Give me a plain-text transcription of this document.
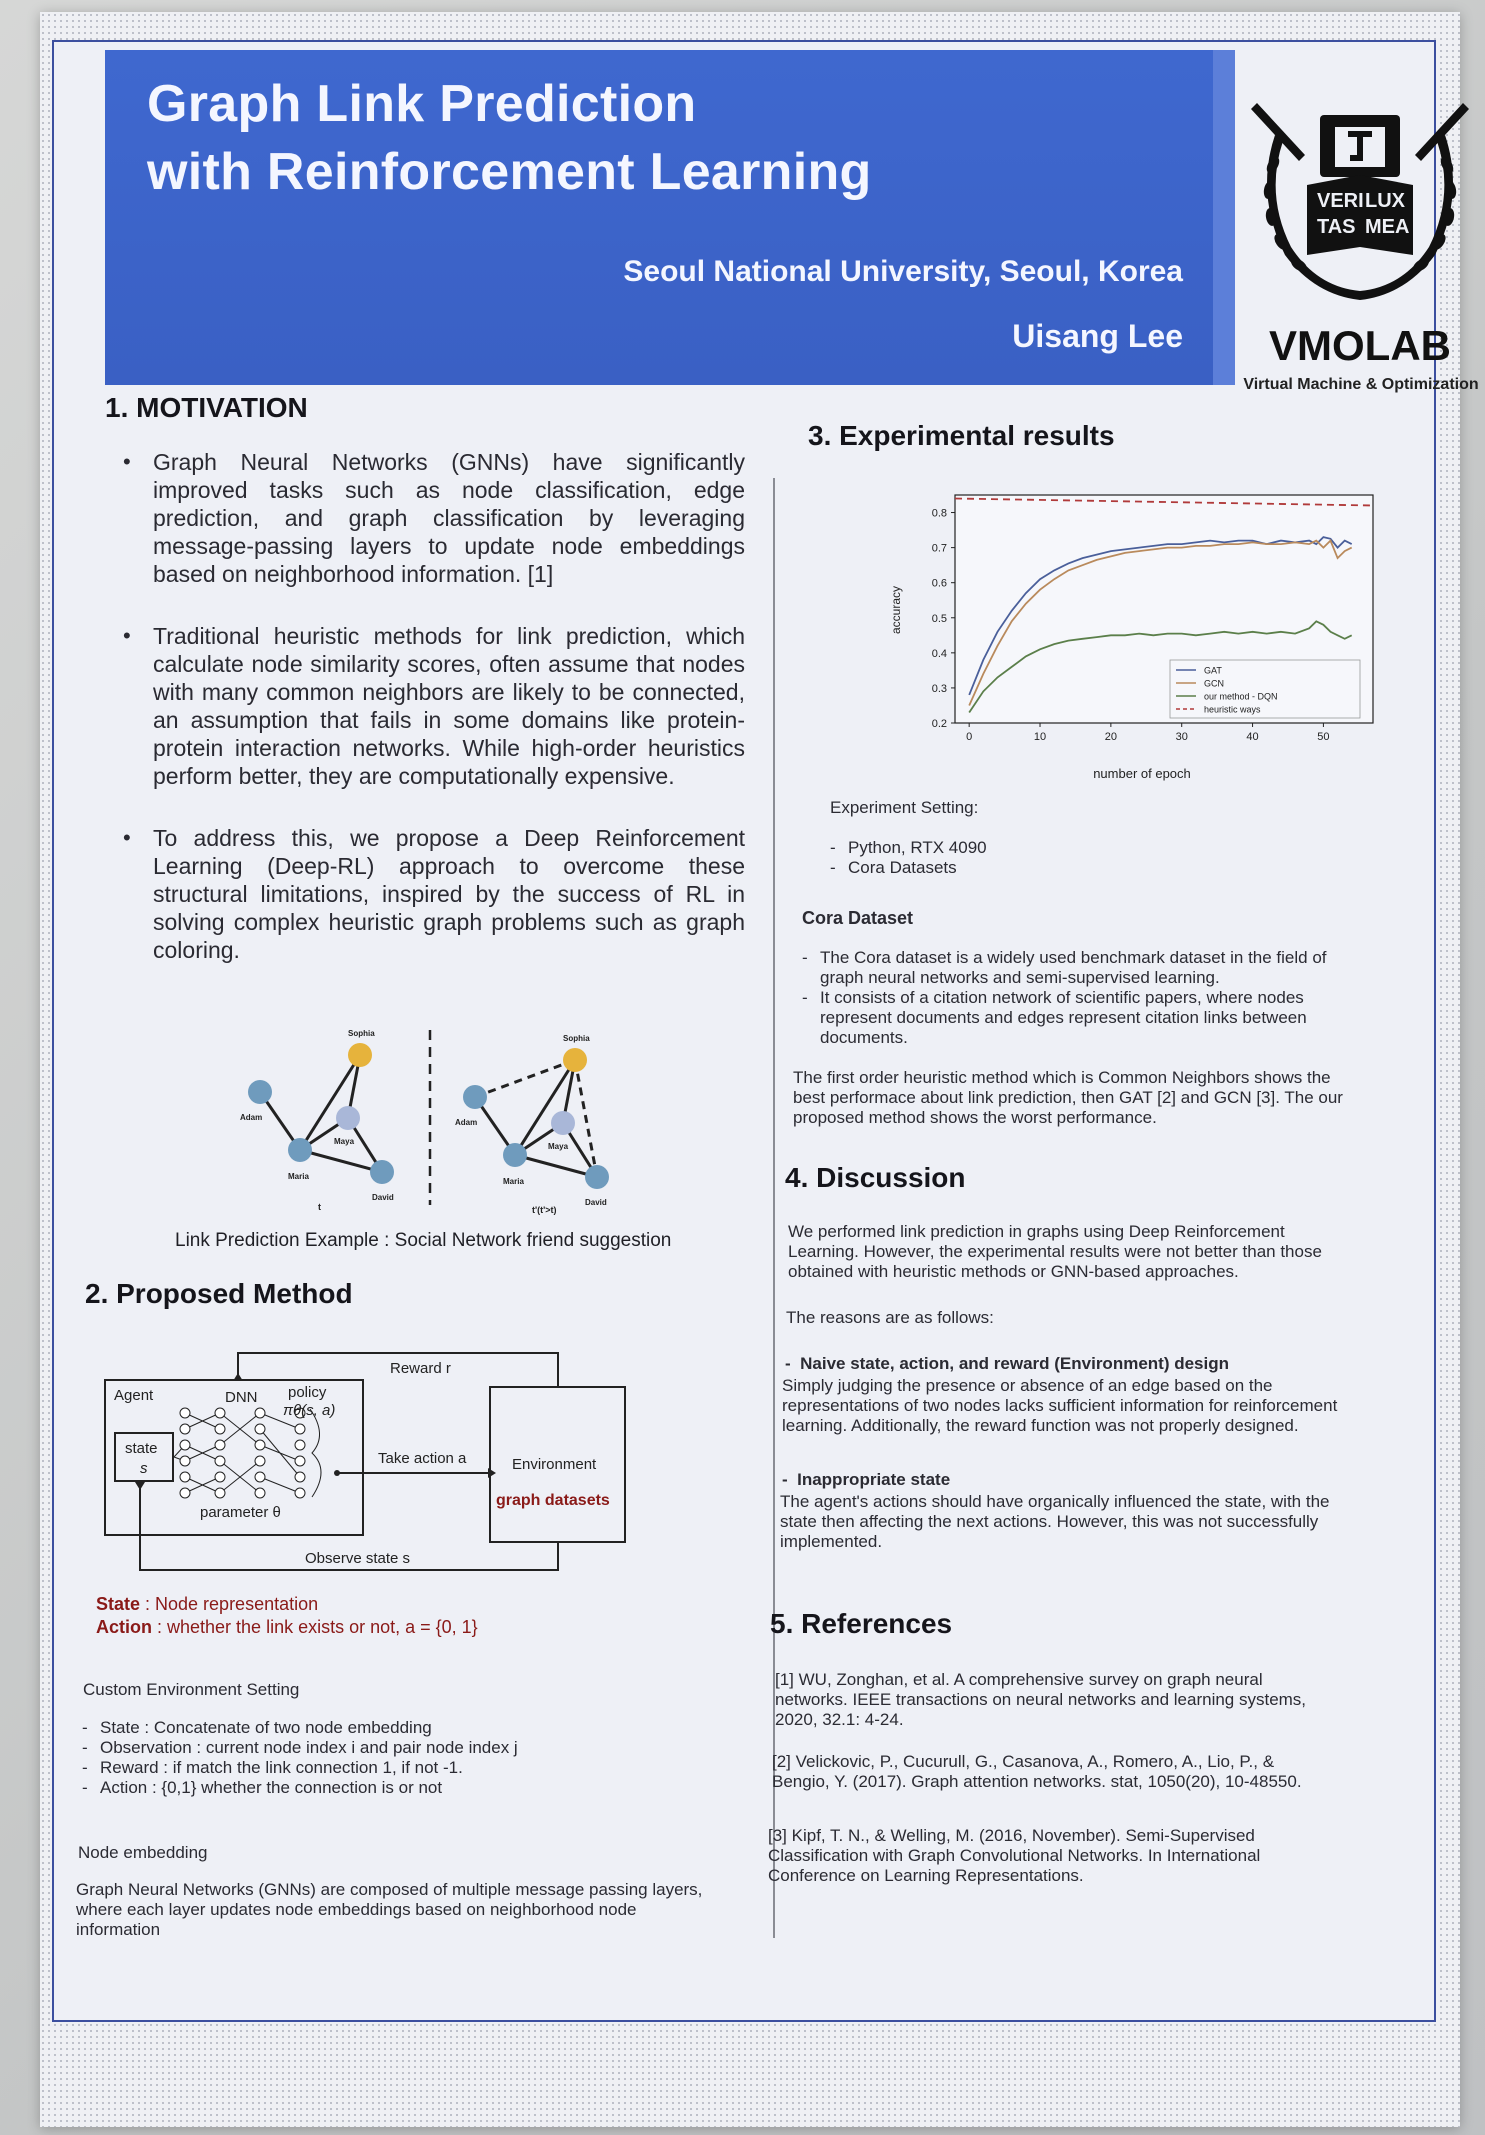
Graph Link Prediction
with Reinforcement Learning

Seoul National University, Seoul, Korea

Uisang Lee

VERI LUX
TAS MEA

VMOLAB

Virtual Machine & Optimization

1. MOTIVATION
• Graph Neural Networks (GNNs) have significantly improved tasks such as node classification, edge prediction, and graph classification by leveraging message-passing layers to update node embeddings based on neighborhood information. [1]
• Traditional heuristic methods for link prediction, which calculate node similarity scores, often assume that nodes with many common neighbors are likely to be connected, an assumption that fails in some domains like protein-protein interaction networks. While high-order heuristics perform better, they are computationally expensive.
• To address this, we propose a Deep Reinforcement Learning (Deep-RL) approach to overcome these structural limitations, inspired by the success of RL in solving complex heuristic graph problems such as graph coloring.
Sophia
Adam
Maya
Maria
David
Sophia
Adam
Maya
Maria
David
t	t'(t'>t)

Link Prediction Example : Social Network friend suggestion

2. Proposed Method
Reward r
Agent	DNN policy
πθ(s, a)
state
s
parameter θ
Take action a	Environment
graph datasets
Observe state s

State : Node representation

Action : whether the link exists or not, a = {0, 1}

Custom Environment Setting

- State : Concatenate of two node embedding
- Observation : current node index i and pair node index j
- Reward : if match the link connection 1, if not -1.
- Action : {0,1} whether the connection is or not

Node embedding

Graph Neural Networks (GNNs) are composed of multiple message passing layers, where each layer updates node embeddings based on neighborhood node information

3. Experimental results
0.2
0.3
0.4
0.5
0.6
0.7
0.8
0	10	20	30	40	50
GAT
GCN
our method - DQN
heuristic ways
number of epoch
accuracy

Experiment Setting:

- Python, RTX 4090
- Cora Datasets

Cora Dataset

- The Cora dataset is a widely used benchmark dataset in the field of graph neural networks and semi-supervised learning.
- It consists of a citation network of scientific papers, where nodes represent documents and edges represent citation links between documents.

The first order heuristic method which is Common Neighbors shows the best performace about link prediction, then GAT [2] and GCN [3]. The our proposed method shows the worst performance.

4. Discussion

We performed link prediction in graphs using Deep Reinforcement Learning. However, the experimental results were not better than those obtained with heuristic methods or GNN-based approaches.

The reasons are as follows:

-  Naive state, action, and reward (Environment) design

Simply judging the presence or absence of an edge based on the representations of two nodes lacks sufficient information for reinforcement learning. Additionally, the reward function was not properly designed.

-  Inappropriate state

The agent's actions should have organically influenced the state, with the state then affecting the next actions. However, this was not successfully implemented.

5. References

[1] WU, Zonghan, et al. A comprehensive survey on graph neural networks. IEEE transactions on neural networks and learning systems, 2020, 32.1: 4-24.

[2] Velickovic, P., Cucurull, G., Casanova, A., Romero, A., Lio, P., & Bengio, Y. (2017). Graph attention networks. stat, 1050(20), 10-48550.

[3] Kipf, T. N., & Welling, M. (2016, November). Semi-Supervised Classification with Graph Convolutional Networks. In International Conference on Learning Representations.
